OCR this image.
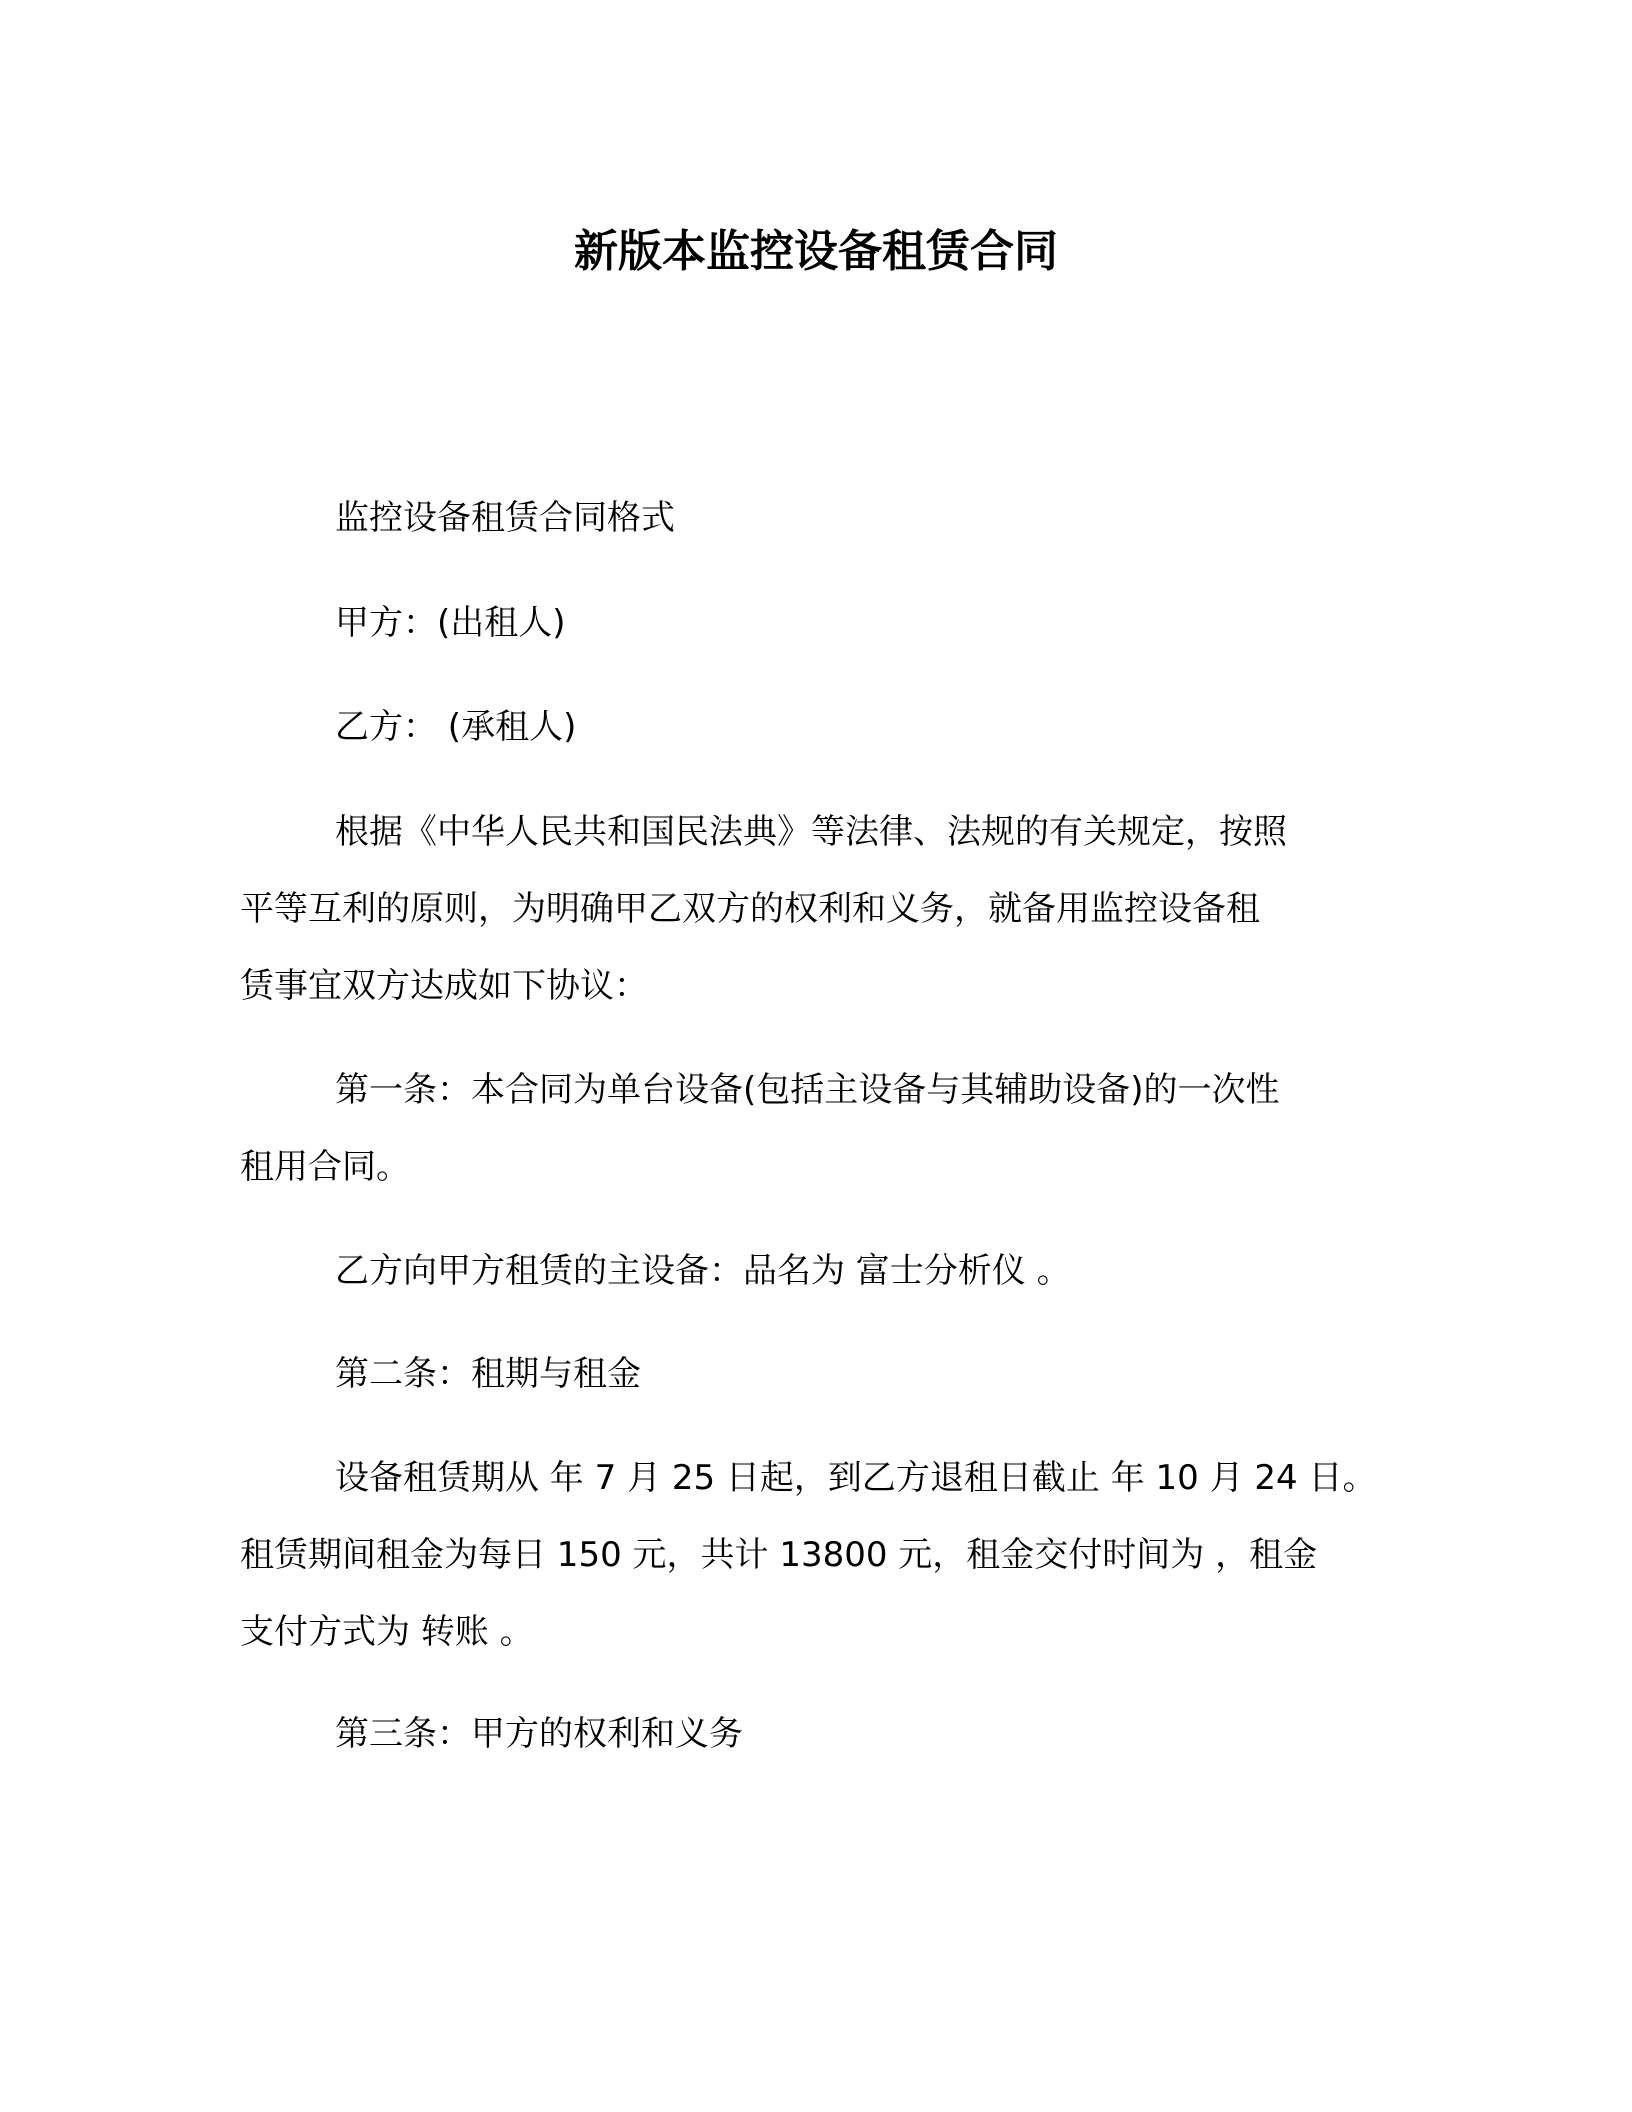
新版本监控设备租赁合同
监控设备租赁合同格式
甲方：(出租人)
乙方： (承租人)
根据《中华人民共和国民法典》等法律、法规的有关规定，按照
平等互利的原则，为明确甲乙双方的权利和义务，就备用监控设备租
赁事宜双方达成如下协议：
第一条：本合同为单台设备(包括主设备与其辅助设备)的一次性
租用合同。
乙方向甲方租赁的主设备：品名为 富士分析仪 。
第二条：租期与租金
设备租赁期从 年 7 月 25 日起，到乙方退租日截止 年 10 月 24 日。
租赁期间租金为每日 150 元，共计 13800 元，租金交付时间为 ，租金
支付方式为 转账 。
第三条：甲方的权利和义务
